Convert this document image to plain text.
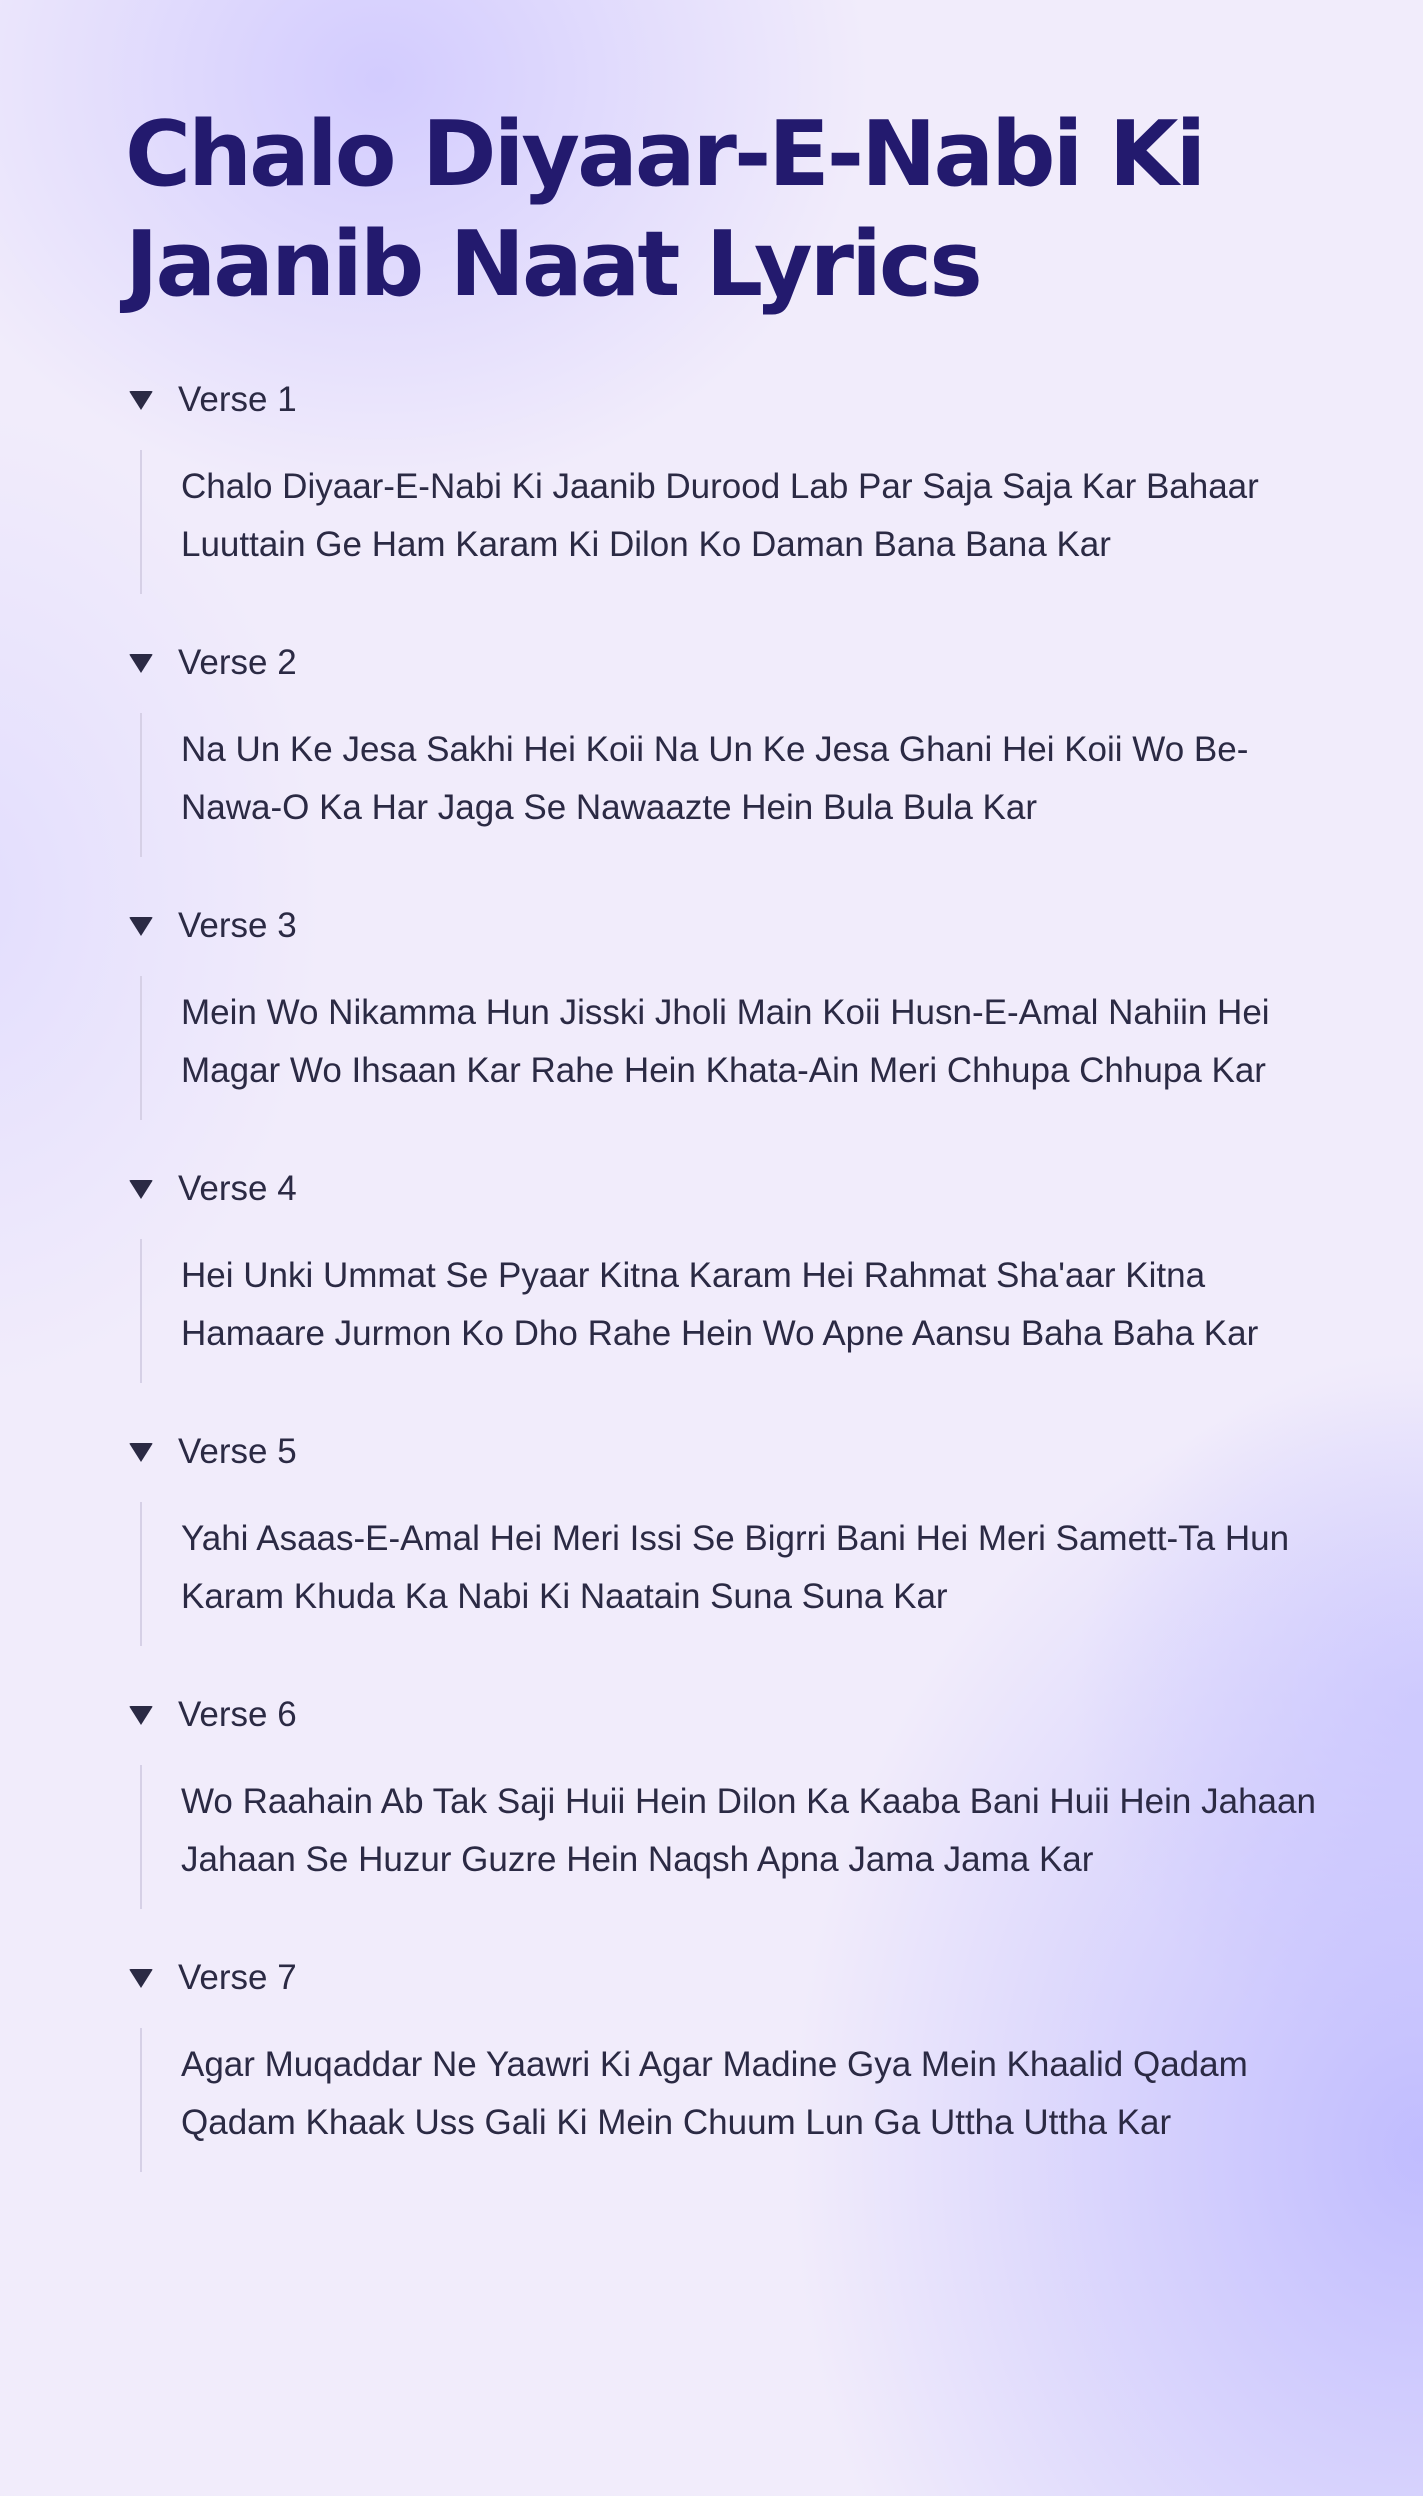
Chalo Diyaar-E-Nabi Ki Jaanib Naat Lyrics
Verse 1

Chalo Diyaar-E-Nabi Ki Jaanib Durood Lab Par Saja Saja Kar Bahaar Luuttain Ge Ham Karam Ki Dilon Ko Daman Bana Bana Kar

Verse 2

Na Un Ke Jesa Sakhi Hei Koii Na Un Ke Jesa Ghani Hei Koii Wo Be-Nawa-O Ka Har Jaga Se Nawaazte Hein Bula Bula Kar

Verse 3

Mein Wo Nikamma Hun Jisski Jholi Main Koii Husn-E-Amal Nahiin Hei Magar Wo Ihsaan Kar Rahe Hein Khata-Ain Meri Chhupa Chhupa Kar

Verse 4

Hei Unki Ummat Se Pyaar Kitna Karam Hei Rahmat Sha'aar Kitna Hamaare Jurmon Ko Dho Rahe Hein Wo Apne Aansu Baha Baha Kar

Verse 5

Yahi Asaas-E-Amal Hei Meri Issi Se Bigrri Bani Hei Meri Samett-Ta Hun Karam Khuda Ka Nabi Ki Naatain Suna Suna Kar

Verse 6

Wo Raahain Ab Tak Saji Huii Hein Dilon Ka Kaaba Bani Huii Hein Jahaan Jahaan Se Huzur Guzre Hein Naqsh Apna Jama Jama Kar

Verse 7

Agar Muqaddar Ne Yaawri Ki Agar Madine Gya Mein Khaalid Qadam Qadam Khaak Uss Gali Ki Mein Chuum Lun Ga Uttha Uttha Kar
